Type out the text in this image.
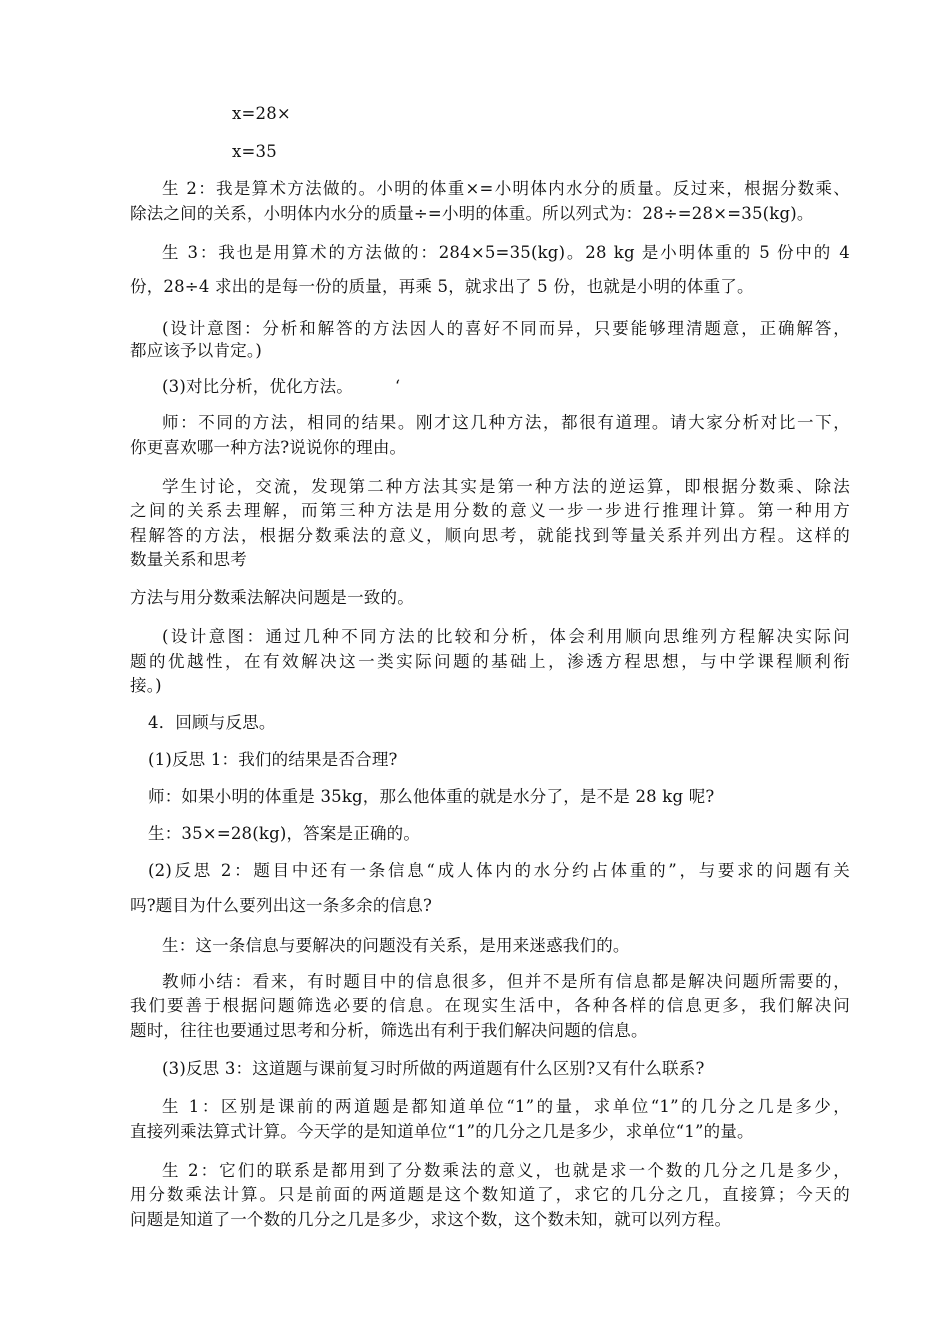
x=28×
x=35
生 2：我是算术方法做的。小明的体重×=小明体内水分的质量。反过来，根据分数乘、
除法之间的关系，小明体内水分的质量÷=小明的体重。所以列式为：28÷=28×=35(kg)。
生 3：我也是用算术的方法做的：284×5=35(kg)。28 kg 是小明体重的 5 份中的 4
份，28÷4 求出的是每一份的质量，再乘 5，就求出了 5 份，也就是小明的体重了。
(设计意图：分析和解答的方法因人的喜好不同而异，只要能够理清题意，正确解答，
都应该予以肯定。)
(3)对比分析，优化方法。　　　‘
师：不同的方法，相同的结果。刚才这几种方法，都很有道理。请大家分析对比一下，
你更喜欢哪一种方法?说说你的理由。
学生讨论，交流，发现第二种方法其实是第一种方法的逆运算，即根据分数乘、除法
之间的关系去理解，而第三种方法是用分数的意义一步一步进行推理计算。第一种用方
程解答的方法，根据分数乘法的意义，顺向思考，就能找到等量关系并列出方程。这样的
数量关系和思考
方法与用分数乘法解决问题是一致的。
(设计意图：通过几种不同方法的比较和分析，体会利用顺向思维列方程解决实际问
题的优越性，在有效解决这一类实际问题的基础上，渗透方程思想，与中学课程顺利衔
接。)
4．回顾与反思。
(1)反思 1：我们的结果是否合理?
师：如果小明的体重是 35kg，那么他体重的就是水分了，是不是 28 kg 呢?
生：35×=28(kg)，答案是正确的。
(2)反思 2：题目中还有一条信息“成人体内的水分约占体重的”，与要求的问题有关
吗?题目为什么要列出这一条多余的信息?
生：这一条信息与要解决的问题没有关系，是用来迷惑我们的。
教师小结：看来，有时题目中的信息很多，但并不是所有信息都是解决问题所需要的，
我们要善于根据问题筛选必要的信息。在现实生活中，各种各样的信息更多，我们解决问
题时，往往也要通过思考和分析，筛选出有利于我们解决问题的信息。
(3)反思 3：这道题与课前复习时所做的两道题有什么区别?又有什么联系?
生 1：区别是课前的两道题是都知道单位“1”的量，求单位“1”的几分之几是多少，
直接列乘法算式计算。今天学的是知道单位“1”的几分之几是多少，求单位“1”的量。
生 2：它们的联系是都用到了分数乘法的意义，也就是求一个数的几分之几是多少，
用分数乘法计算。只是前面的两道题是这个数知道了，求它的几分之几，直接算；今天的
问题是知道了一个数的几分之几是多少，求这个数，这个数未知，就可以列方程。
